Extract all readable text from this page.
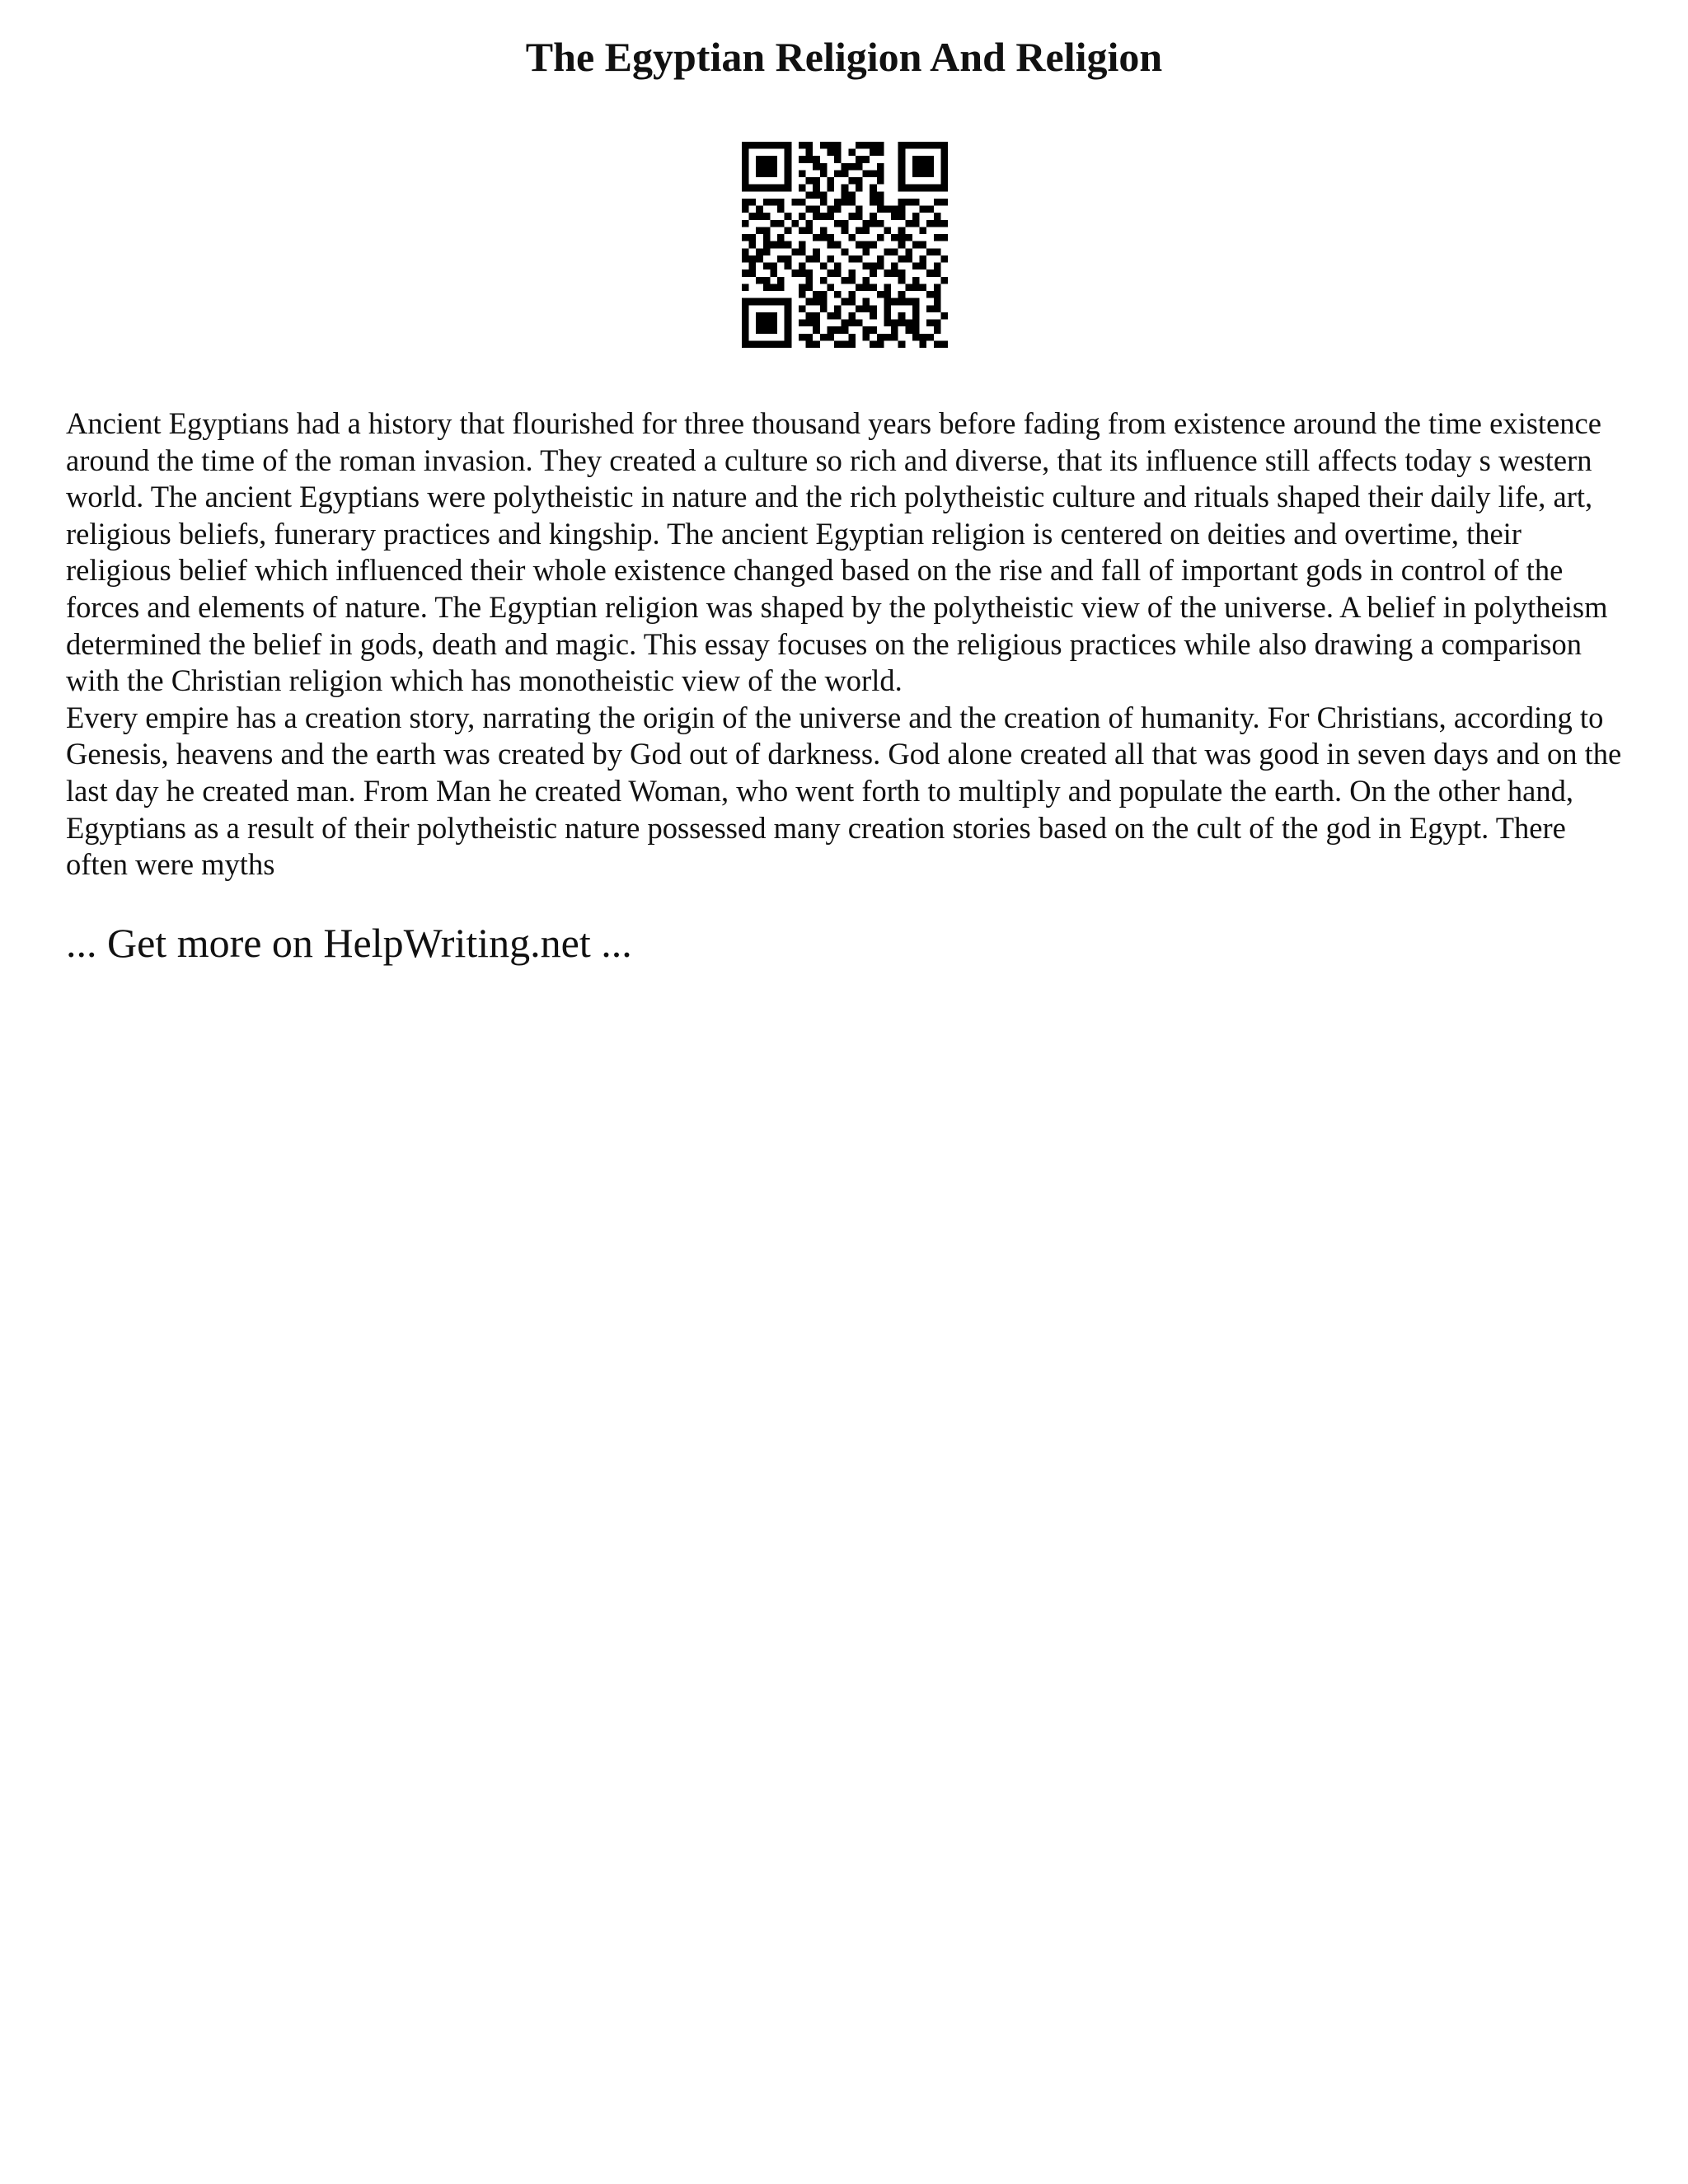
The Egyptian Religion And Religion

Ancient Egyptians had a history that flourished for three thousand years before fading from existence around the time existence around the time of the roman invasion. They created a culture so rich and diverse, that its influence still affects today s western world. The ancient Egyptians were polytheistic in nature and the rich polytheistic culture and rituals shaped their daily life, art, religious beliefs, funerary practices and kingship. The ancient Egyptian religion is centered on deities and overtime, their religious belief which influenced their whole existence changed based on the rise and fall of important gods in control of the forces and elements of nature. The Egyptian religion was shaped by the polytheistic view of the universe. A belief in polytheism determined the belief in gods, death and magic. This essay focuses on the religious practices while also drawing a comparison with the Christian religion which has monotheistic view of the world.

Every empire has a creation story, narrating the origin of the universe and the creation of humanity. For Christians, according to Genesis, heavens and the earth was created by God out of darkness. God alone created all that was good in seven days and on the last day he created man. From Man he created Woman, who went forth to multiply and populate the earth. On the other hand, Egyptians as a result of their polytheistic nature possessed many creation stories based on the cult of the god in Egypt. There often were myths

... Get more on HelpWriting.net ...
